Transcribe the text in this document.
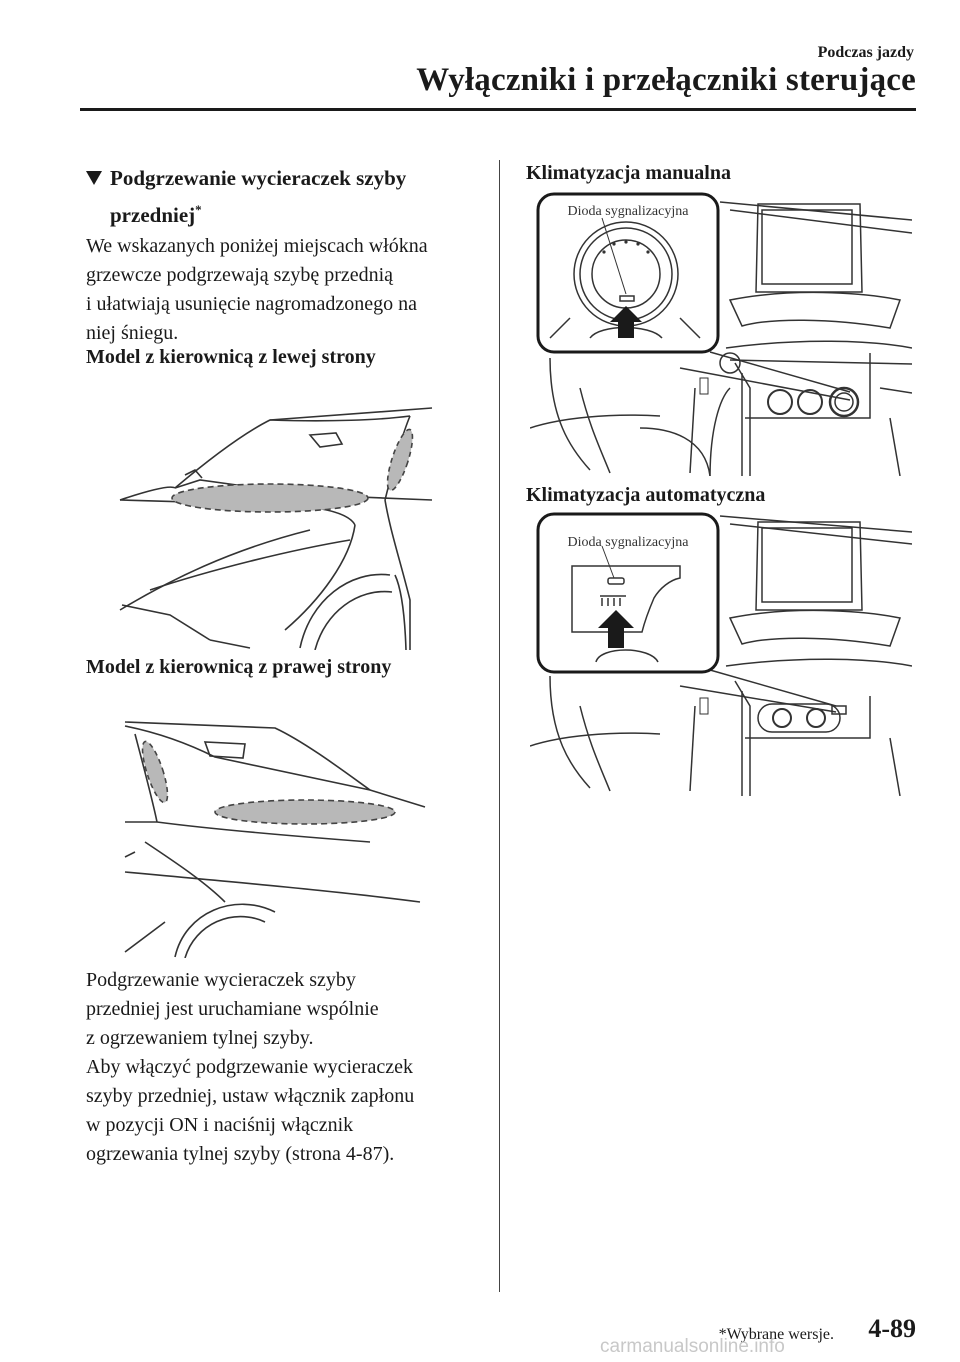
Podczas jazdy
Wyłączniki i przełączniki sterujące
Podgrzewanie wycieraczek szyby
przedniej*
We wskazanych poniżej miejscach włókna
grzewcze podgrzewają szybę przednią
i ułatwiają usunięcie nagromadzonego na
niej śniegu.
Model z kierownicą z lewej strony
Model z kierownicą z prawej strony
Podgrzewanie wycieraczek szyby
przedniej jest uruchamiane wspólnie
z ogrzewaniem tylnej szyby.
Aby włączyć podgrzewanie wycieraczek
szyby przedniej, ustaw włącznik zapłonu
w pozycji ON i naciśnij włącznik
ogrzewania tylnej szyby (strona 4-87).
Klimatyzacja manualna
Dioda sygnalizacyjna
Klimatyzacja automatyczna
Dioda sygnalizacyjna
*Wybrane wersje. 4-89
carmanualsonline.info
